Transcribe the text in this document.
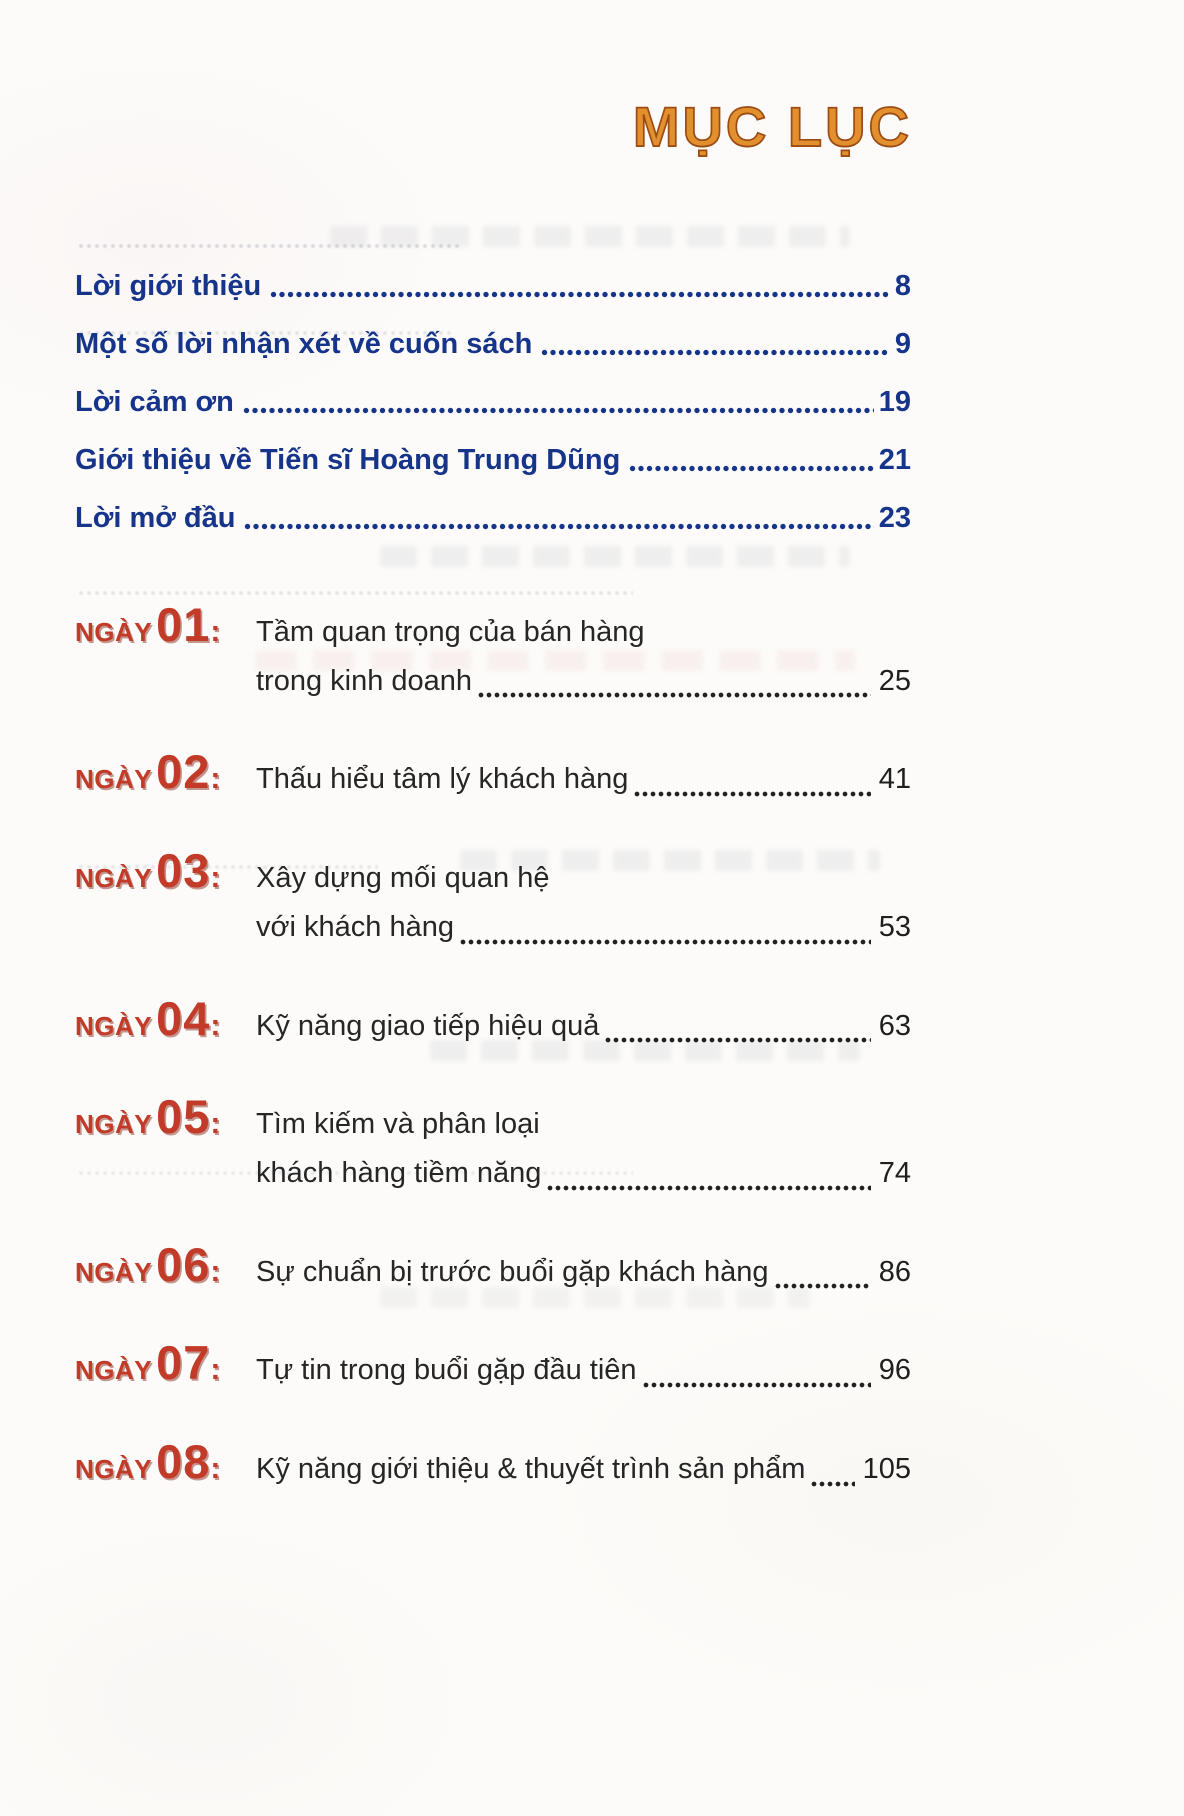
MỤC LỤC
Lời giới thiệu	8
Một số lời nhận xét về cuốn sách	9
Lời cảm ơn	19
Giới thiệu về Tiến sĩ Hoàng Trung Dũng	21
Lời mở đầu	23
NGÀY01:	Tầm quan trọng của bán hàng
trong kinh doanh	25
NGÀY02:	Thấu hiểu tâm lý khách hàng	41
NGÀY03:	Xây dựng mối quan hệ
với khách hàng	53
NGÀY04:	Kỹ năng giao tiếp hiệu quả	63
NGÀY05:	Tìm kiếm và phân loại
khách hàng tiềm năng	74
NGÀY06:	Sự chuẩn bị trước buổi gặp khách hàng	86
NGÀY07:	Tự tin trong buổi gặp đầu tiên	96
NGÀY08:	Kỹ năng giới thiệu & thuyết trình sản phẩm 105
